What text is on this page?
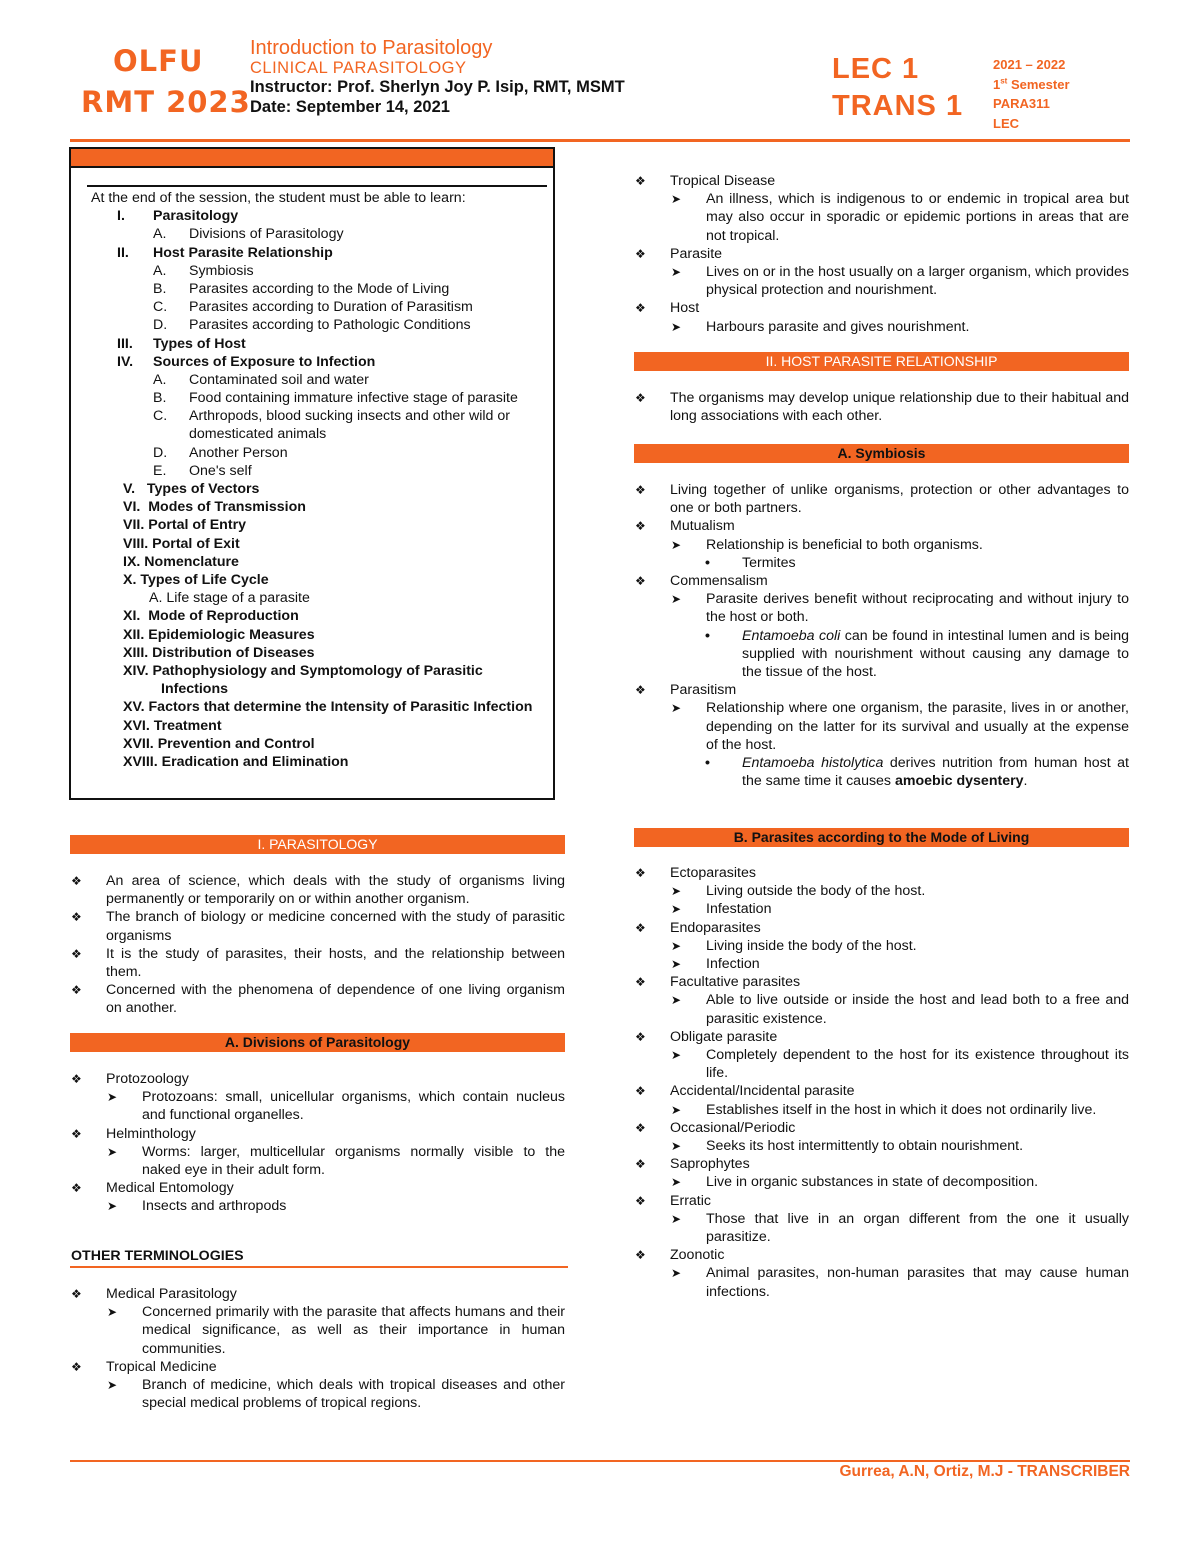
OLFU
RMT 2023
Introduction to Parasitology
CLINICAL PARASITOLOGY
Instructor: Prof. Sherlyn Joy P. Isip, RMT, MSMT
Date: September 14, 2021
LEC 1
TRANS 1
2021 – 2022
1st Semester
PARA311
LEC
At the end of the session, the student must be able to learn:
I. Parasitology
A. Divisions of Parasitology
II. Host Parasite Relationship
A. Symbiosis
B. Parasites according to the Mode of Living
C. Parasites according to Duration of Parasitism
D. Parasites according to Pathologic Conditions
III. Types of Host
IV. Sources of Exposure to Infection
A. Contaminated soil and water
B. Food containing immature infective stage of parasite
C. Arthropods, blood sucking insects and other wild or domesticated animals
D. Another Person
E. One's self
V.   Types of Vectors
VI.  Modes of Transmission
VII. Portal of Entry
VIII. Portal of Exit
IX. Nomenclature
X. Types of Life Cycle
A. Life stage of a parasite
XI.  Mode of Reproduction
XII. Epidemiologic Measures
XIII. Distribution of Diseases
XIV. Pathophysiology and Symptomology of Parasitic Infections
XV. Factors that determine the Intensity of Parasitic Infection
XVI. Treatment
XVII. Prevention and Control
XVIII. Eradication and Elimination
I. PARASITOLOGY
❖ An area of science, which deals with the study of organisms living permanently or temporarily on or within another organism.
❖ The branch of biology or medicine concerned with the study of parasitic organisms
❖ It is the study of parasites, their hosts, and the relationship between them.
❖ Concerned with the phenomena of dependence of one living organism on another.
A. Divisions of Parasitology
❖ Protozoology
➤ Protozoans: small, unicellular organisms, which contain nucleus and functional organelles.
❖ Helminthology
➤ Worms: larger, multicellular organisms normally visible to the naked eye in their adult form.
❖ Medical Entomology
➤ Insects and arthropods
OTHER TERMINOLOGIES
❖ Medical Parasitology
➤ Concerned primarily with the parasite that affects humans and their medical significance, as well as their importance in human communities.
❖ Tropical Medicine
➤ Branch of medicine, which deals with tropical diseases and other special medical problems of tropical regions.
❖ Tropical Disease
➤ An illness, which is indigenous to or endemic in tropical area but may also occur in sporadic or epidemic portions in areas that are not tropical.
❖ Parasite
➤ Lives on or in the host usually on a larger organism, which provides physical protection and nourishment.
❖ Host
➤ Harbours parasite and gives nourishment.
II. HOST PARASITE RELATIONSHIP
❖ The organisms may develop unique relationship due to their habitual and long associations with each other.
A. Symbiosis
❖ Living together of unlike organisms, protection or other advantages to one or both partners.
❖ Mutualism
➤ Relationship is beneficial to both organisms.
• Termites
❖ Commensalism
➤ Parasite derives benefit without reciprocating and without injury to the host or both.
• Entamoeba coli can be found in intestinal lumen and is being supplied with nourishment without causing any damage to the tissue of the host.
❖ Parasitism
➤ Relationship where one organism, the parasite, lives in or another, depending on the latter for its survival and usually at the expense of the host.
• Entamoeba histolytica derives nutrition from human host at the same time it causes amoebic dysentery.
B. Parasites according to the Mode of Living
❖ Ectoparasites
➤ Living outside the body of the host.
➤ Infestation
❖ Endoparasites
➤ Living inside the body of the host.
➤ Infection
❖ Facultative parasites
➤ Able to live outside or inside the host and lead both to a free and parasitic existence.
❖ Obligate parasite
➤ Completely dependent to the host for its existence throughout its life.
❖ Accidental/Incidental parasite
➤ Establishes itself in the host in which it does not ordinarily live.
❖ Occasional/Periodic
➤ Seeks its host intermittently to obtain nourishment.
❖ Saprophytes
➤ Live in organic substances in state of decomposition.
❖ Erratic
➤ Those that live in an organ different from the one it usually parasitize.
❖ Zoonotic
➤ Animal parasites, non-human parasites that may cause human infections.
Gurrea, A.N, Ortiz, M.J - TRANSCRIBER
